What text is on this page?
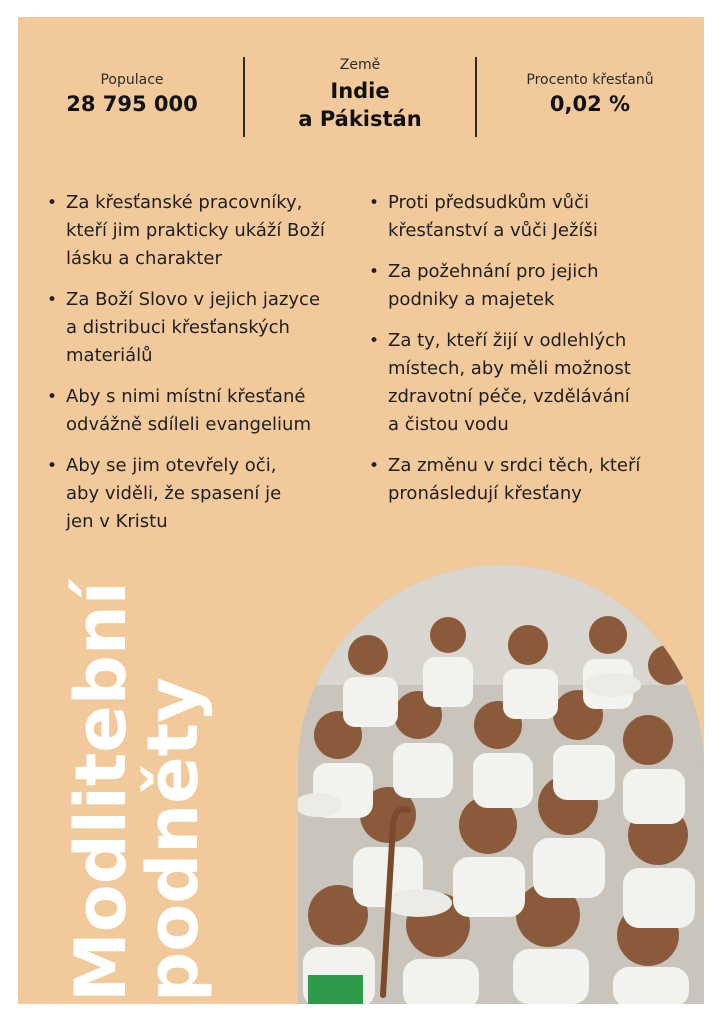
Populace
28 795 000
Země
Indie
a Pákistán
Procento křesťanů
0,02 %
• Za křesťanské pracovníky,
kteří jim prakticky ukáží Boží
lásku a charakter
• Za Boží Slovo v jejich jazyce
a distribuci křesťanských
materiálů
• Aby s nimi místní křesťané
odvážně sdíleli evangelium
• Aby se jim otevřely oči,
aby viděli, že spasení je
jen v Kristu
• Proti předsudkům vůči
křesťanství a vůči Ježíši
• Za požehnání pro jejich
podniky a majetek
• Za ty, kteří žijí v odlehlých
místech, aby měli možnost
zdravotní péče, vzdělávání
a čistou vodu
• Za změnu v srdci těch, kteří
pronásledují křesťany
Modlitební
podněty
